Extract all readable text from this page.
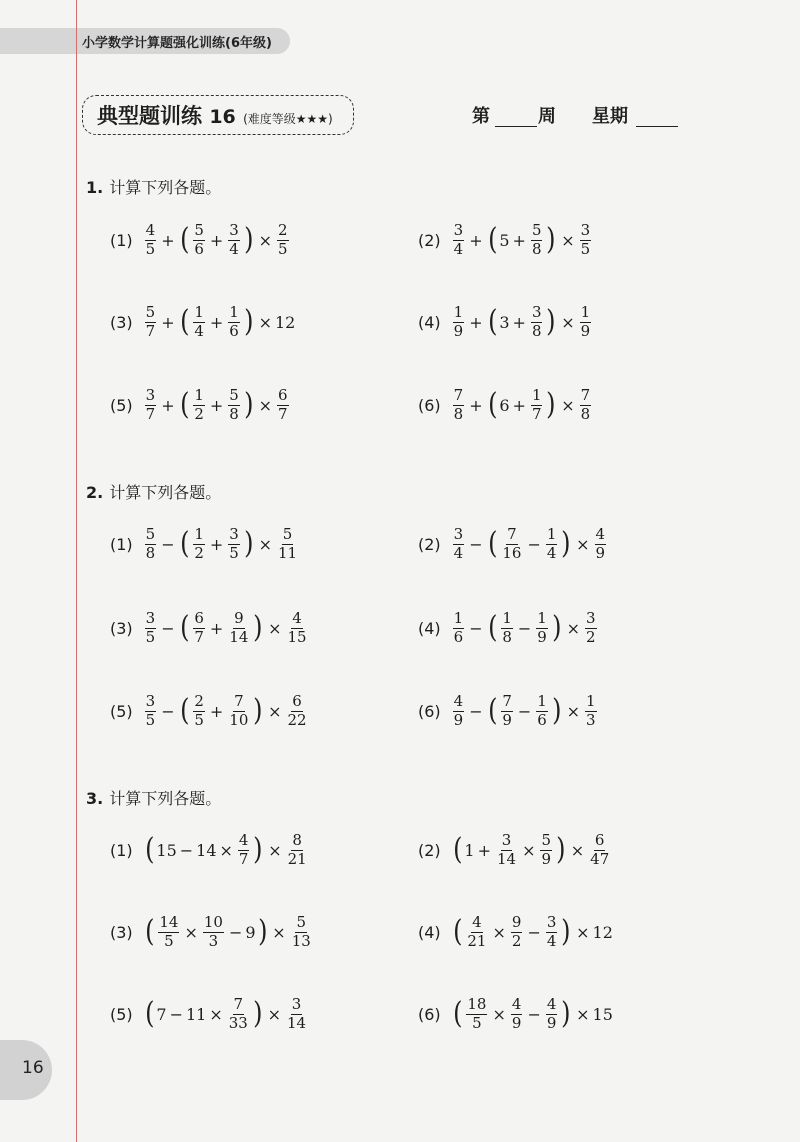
小学数学计算题强化训练(6年级)
典型题训练 16 (难度等级★★★)	第	周 星期
1. 计算下列各题。
$(1) \frac{4}{5}$ + ( $\frac{5}{6} + \frac{3}{4}$ ) × $\frac{2}{5}$	$(2) \frac{3}{4}$ + ( $5 + \frac{5}{8}$ ) × $\frac{3}{5}$
$(3) \frac{5}{7}$ + ( $\frac{1}{4} + \frac{1}{6}$ ) × 12	$(4) \frac{1}{9}$ + ( $3 + \frac{3}{8}$ ) × $\frac{1}{9}$
$(5) \frac{3}{7}$ + ( $\frac{1}{2} + \frac{5}{8}$ ) × $\frac{6}{7}$	$(6) \frac{7}{8}$ + ( $6 + \frac{1}{7}$ ) × $\frac{7}{8}$
2. 计算下列各题。
$(1) \frac{5}{8}$ − ( $\frac{1}{2} + \frac{3}{5}$ ) × $\frac{5}{11}$	$(2) \frac{3}{4}$ − ( $\frac{7}{16} - \frac{1}{4}$ ) × $\frac{4}{9}$
$(3) \frac{3}{5}$ − ( $\frac{6}{7} + \frac{9}{14}$ ) × $\frac{4}{15}$	$(4) \frac{1}{6}$ − ( $\frac{1}{8} - \frac{1}{9}$ ) × $\frac{3}{2}$
$(5) \frac{3}{5}$ − ( $\frac{2}{5} + \frac{7}{10}$ ) × $\frac{6}{22}$	$(6) \frac{4}{9}$ − ( $\frac{7}{9} - \frac{1}{6}$ ) × $\frac{1}{3}$
3. 计算下列各题。
(1) ( $15 - 14 \times \frac{4}{7}$ ) × $\frac{8}{21}$	(2) ( $1 + \frac{3}{14} \times \frac{5}{9}$ ) × $\frac{6}{47}$
(3) ( $\frac{14}{5} \times \frac{10}{3} - 9$ ) × $\frac{5}{13}$	(4) ( $\frac{4}{21} \times \frac{9}{2} - \frac{3}{4}$ ) × 12
(5) ( $7 - 11 \times \frac{7}{33}$ ) × $\frac{3}{14}$	(6) ( $\frac{18}{5} \times \frac{4}{9} - \frac{4}{9}$ ) × 15
16
